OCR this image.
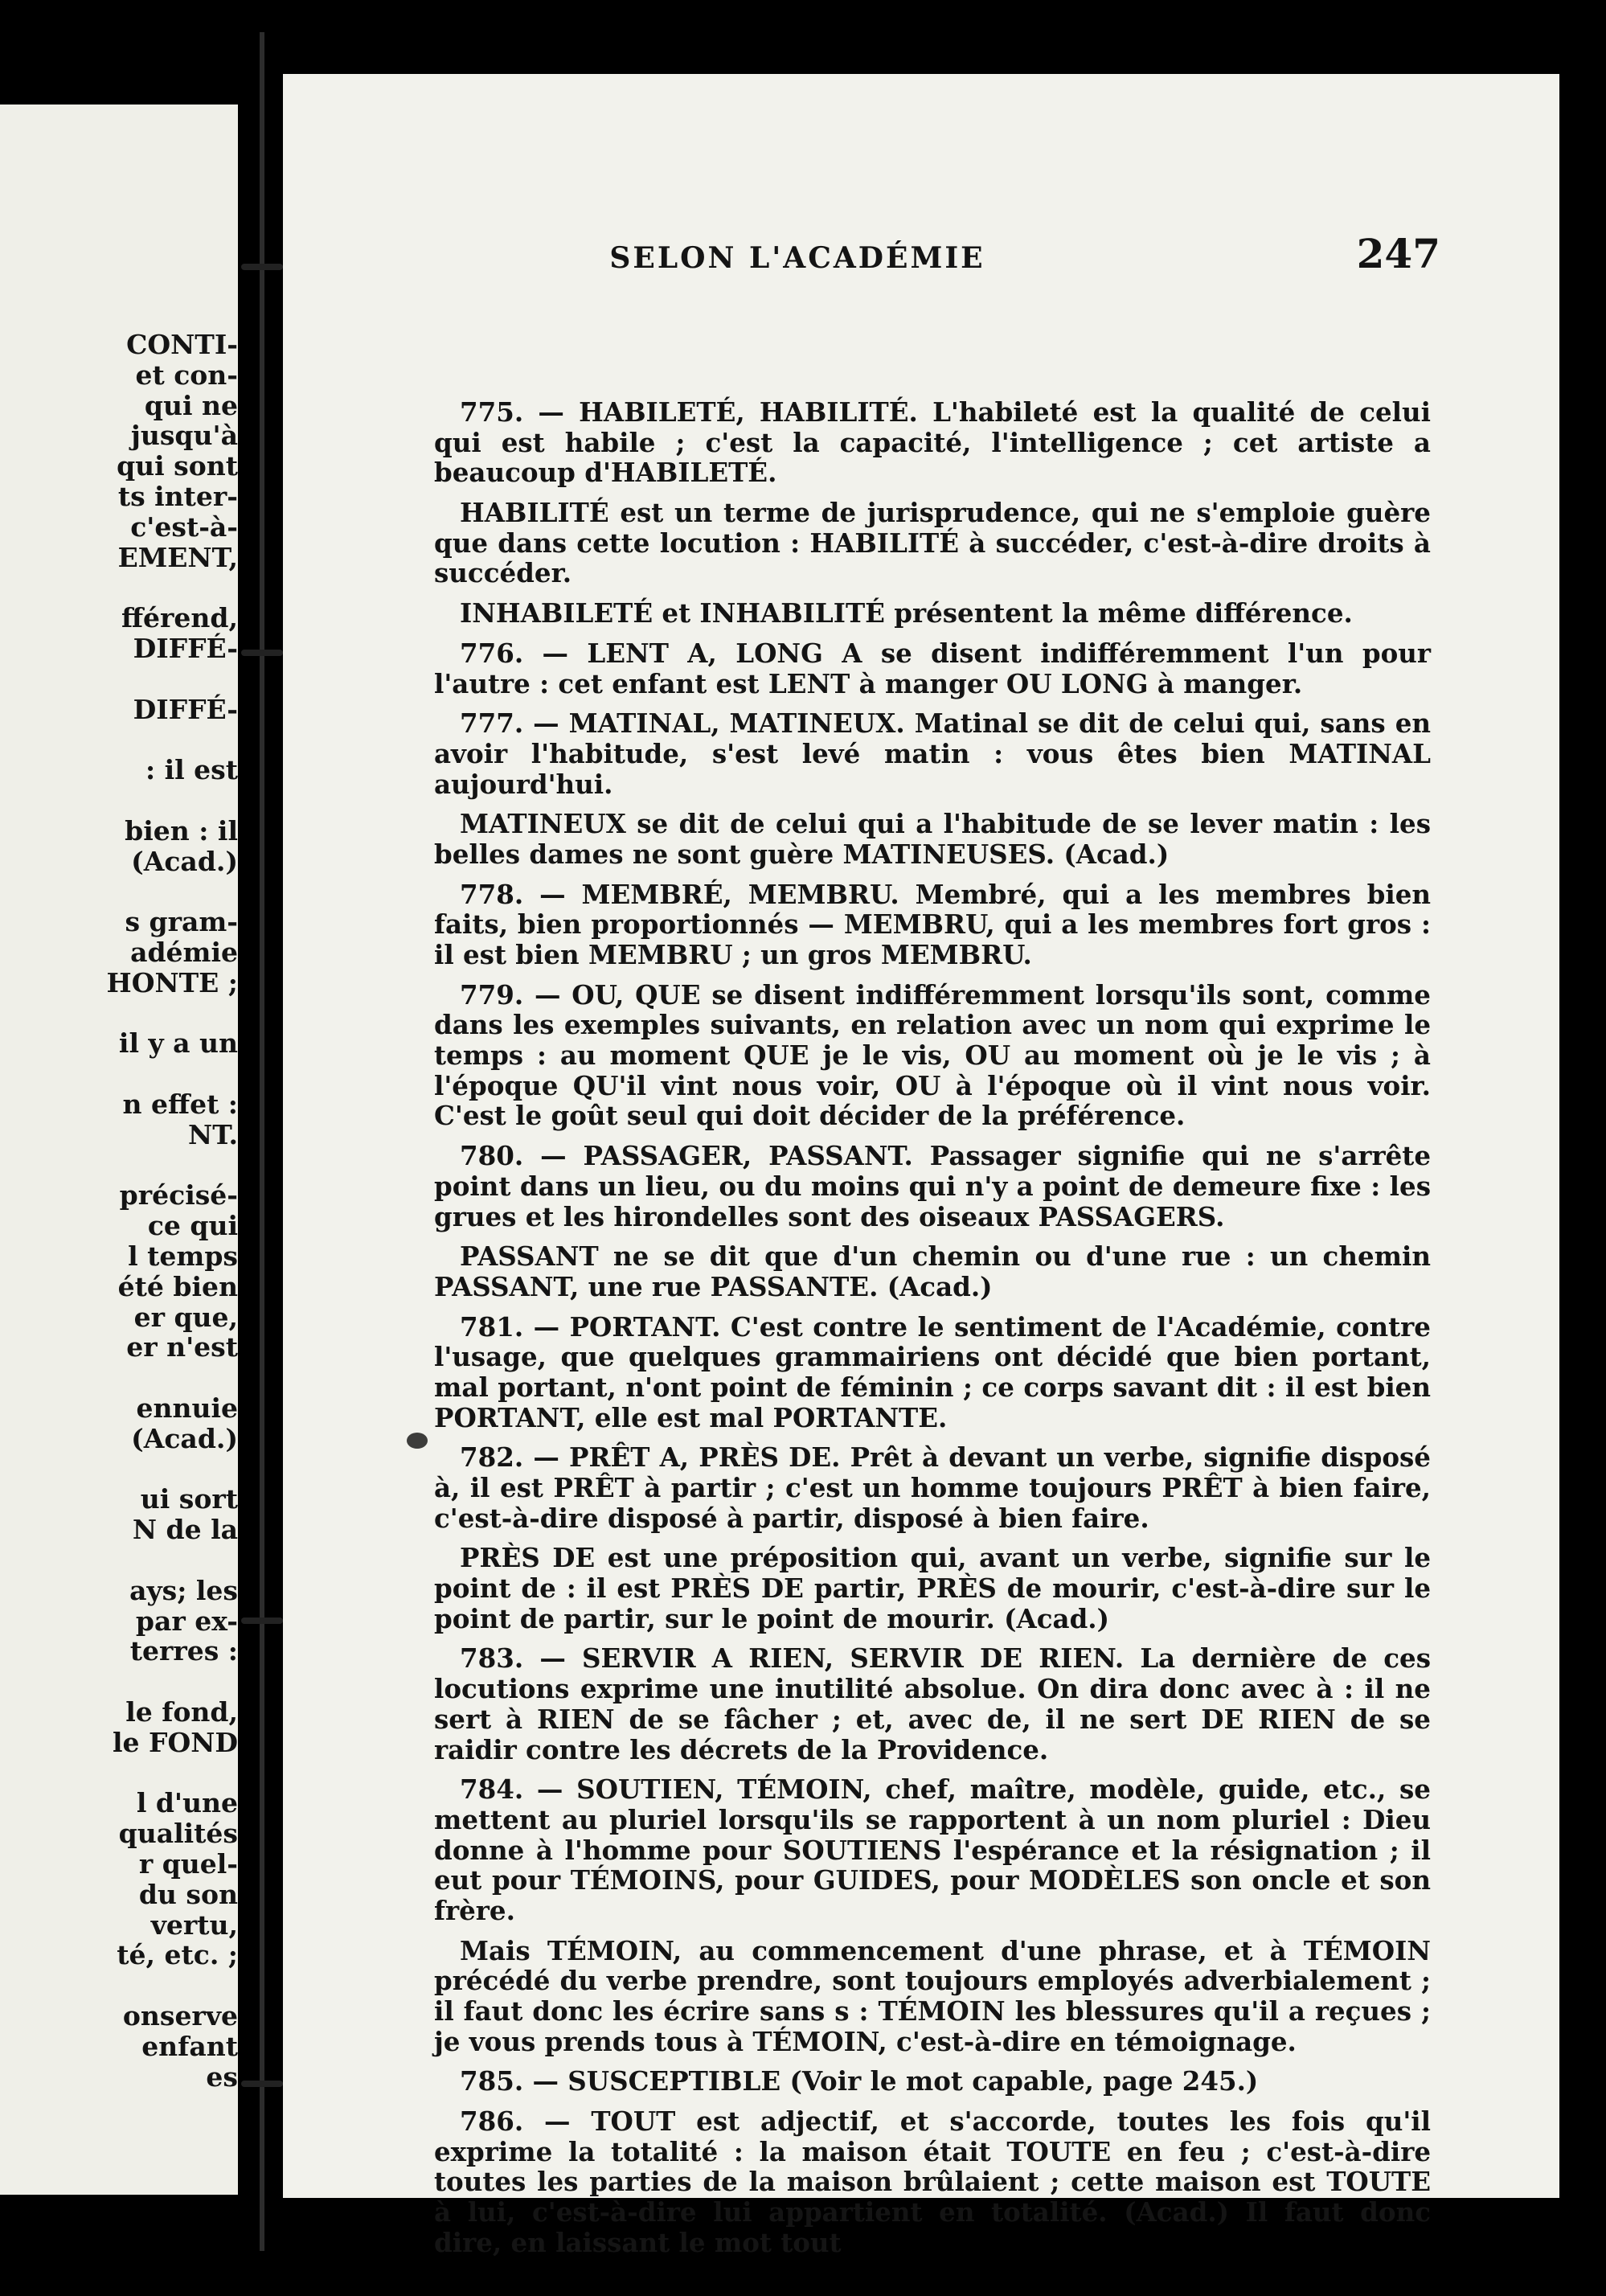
CONTI-

et con-

qui ne

jusqu'à

qui sont

ts inter-

c'est-à-

EMENT,

fférend,

DIFFÉ-

DIFFÉ-

: il est

bien : il

(Acad.)

s gram-

adémie

HONTE ;

il y a un

n effet :

NT.

précisé-

ce qui

l temps

été bien

er que,

er n'est

ennuie

(Acad.)

ui sort

N de la

ays; les

par ex-

terres :

le fond,

le FOND

l d'une

qualités

r quel-

du son

vertu,

té, etc. ;

onserve

enfant

es

SELON L'ACADÉMIE	247

775. — HABILETÉ, HABILITÉ. L'habileté est la qualité de celui qui est habile ; c'est la capacité, l'intelligence ; cet artiste a beaucoup d'HABILETÉ.

HABILITÉ est un terme de jurisprudence, qui ne s'emploie guère que dans cette locution : HABILITÉ à succéder, c'est-à-dire droits à succéder.

INHABILETÉ et INHABILITÉ présentent la même différence.

776. — LENT A, LONG A se disent indifféremment l'un pour l'autre : cet enfant est LENT à manger OU LONG à manger.

777. — MATINAL, MATINEUX. Matinal se dit de celui qui, sans en avoir l'habitude, s'est levé matin : vous êtes bien MATINAL aujourd'hui.

MATINEUX se dit de celui qui a l'habitude de se lever matin : les belles dames ne sont guère MATINEUSES. (Acad.)

778. — MEMBRÉ, MEMBRU. Membré, qui a les membres bien faits, bien proportionnés — MEMBRU, qui a les membres fort gros : il est bien MEMBRU ; un gros MEMBRU.

779. — OU, QUE se disent indifféremment lorsqu'ils sont, comme dans les exemples suivants, en relation avec un nom qui exprime le temps : au moment QUE je le vis, OU au moment où je le vis ; à l'époque QU'il vint nous voir, OU à l'époque où il vint nous voir. C'est le goût seul qui doit décider de la préférence.

780. — PASSAGER, PASSANT. Passager signifie qui ne s'arrête point dans un lieu, ou du moins qui n'y a point de demeure fixe : les grues et les hirondelles sont des oiseaux PASSAGERS.

PASSANT ne se dit que d'un chemin ou d'une rue : un chemin PASSANT, une rue PASSANTE. (Acad.)

781. — PORTANT. C'est contre le sentiment de l'Académie, contre l'usage, que quelques grammairiens ont décidé que bien portant, mal portant, n'ont point de féminin ; ce corps savant dit : il est bien PORTANT, elle est mal PORTANTE.

782. — PRÊT A, PRÈS DE. Prêt à devant un verbe, signifie disposé à, il est PRÊT à partir ; c'est un homme toujours PRÊT à bien faire, c'est-à-dire disposé à partir, disposé à bien faire.

PRÈS DE est une préposition qui, avant un verbe, signifie sur le point de : il est PRÈS DE partir, PRÈS de mourir, c'est-à-dire sur le point de partir, sur le point de mourir. (Acad.)

783. — SERVIR A RIEN, SERVIR DE RIEN. La dernière de ces locutions exprime une inutilité absolue. On dira donc avec à : il ne sert à RIEN de se fâcher ; et, avec de, il ne sert DE RIEN de se raidir contre les décrets de la Providence.

784. — SOUTIEN, TÉMOIN, chef, maître, modèle, guide, etc., se mettent au pluriel lorsqu'ils se rapportent à un nom pluriel : Dieu donne à l'homme pour SOUTIENS l'espérance et la résignation ; il eut pour TÉMOINS, pour GUIDES, pour MODÈLES son oncle et son frère.

Mais TÉMOIN, au commencement d'une phrase, et à TÉMOIN précédé du verbe prendre, sont toujours employés adverbialement ; il faut donc les écrire sans s : TÉMOIN les blessures qu'il a reçues ; je vous prends tous à TÉMOIN, c'est-à-dire en témoignage.

785. — SUSCEPTIBLE (Voir le mot capable, page 245.)

786. — TOUT est adjectif, et s'accorde, toutes les fois qu'il exprime la totalité : la maison était TOUTE en feu ; c'est-à-dire toutes les parties de la maison brûlaient ; cette maison est TOUTE à lui, c'est-à-dire lui appartient en totalité. (Acad.) Il faut donc dire, en laissant le mot tout
